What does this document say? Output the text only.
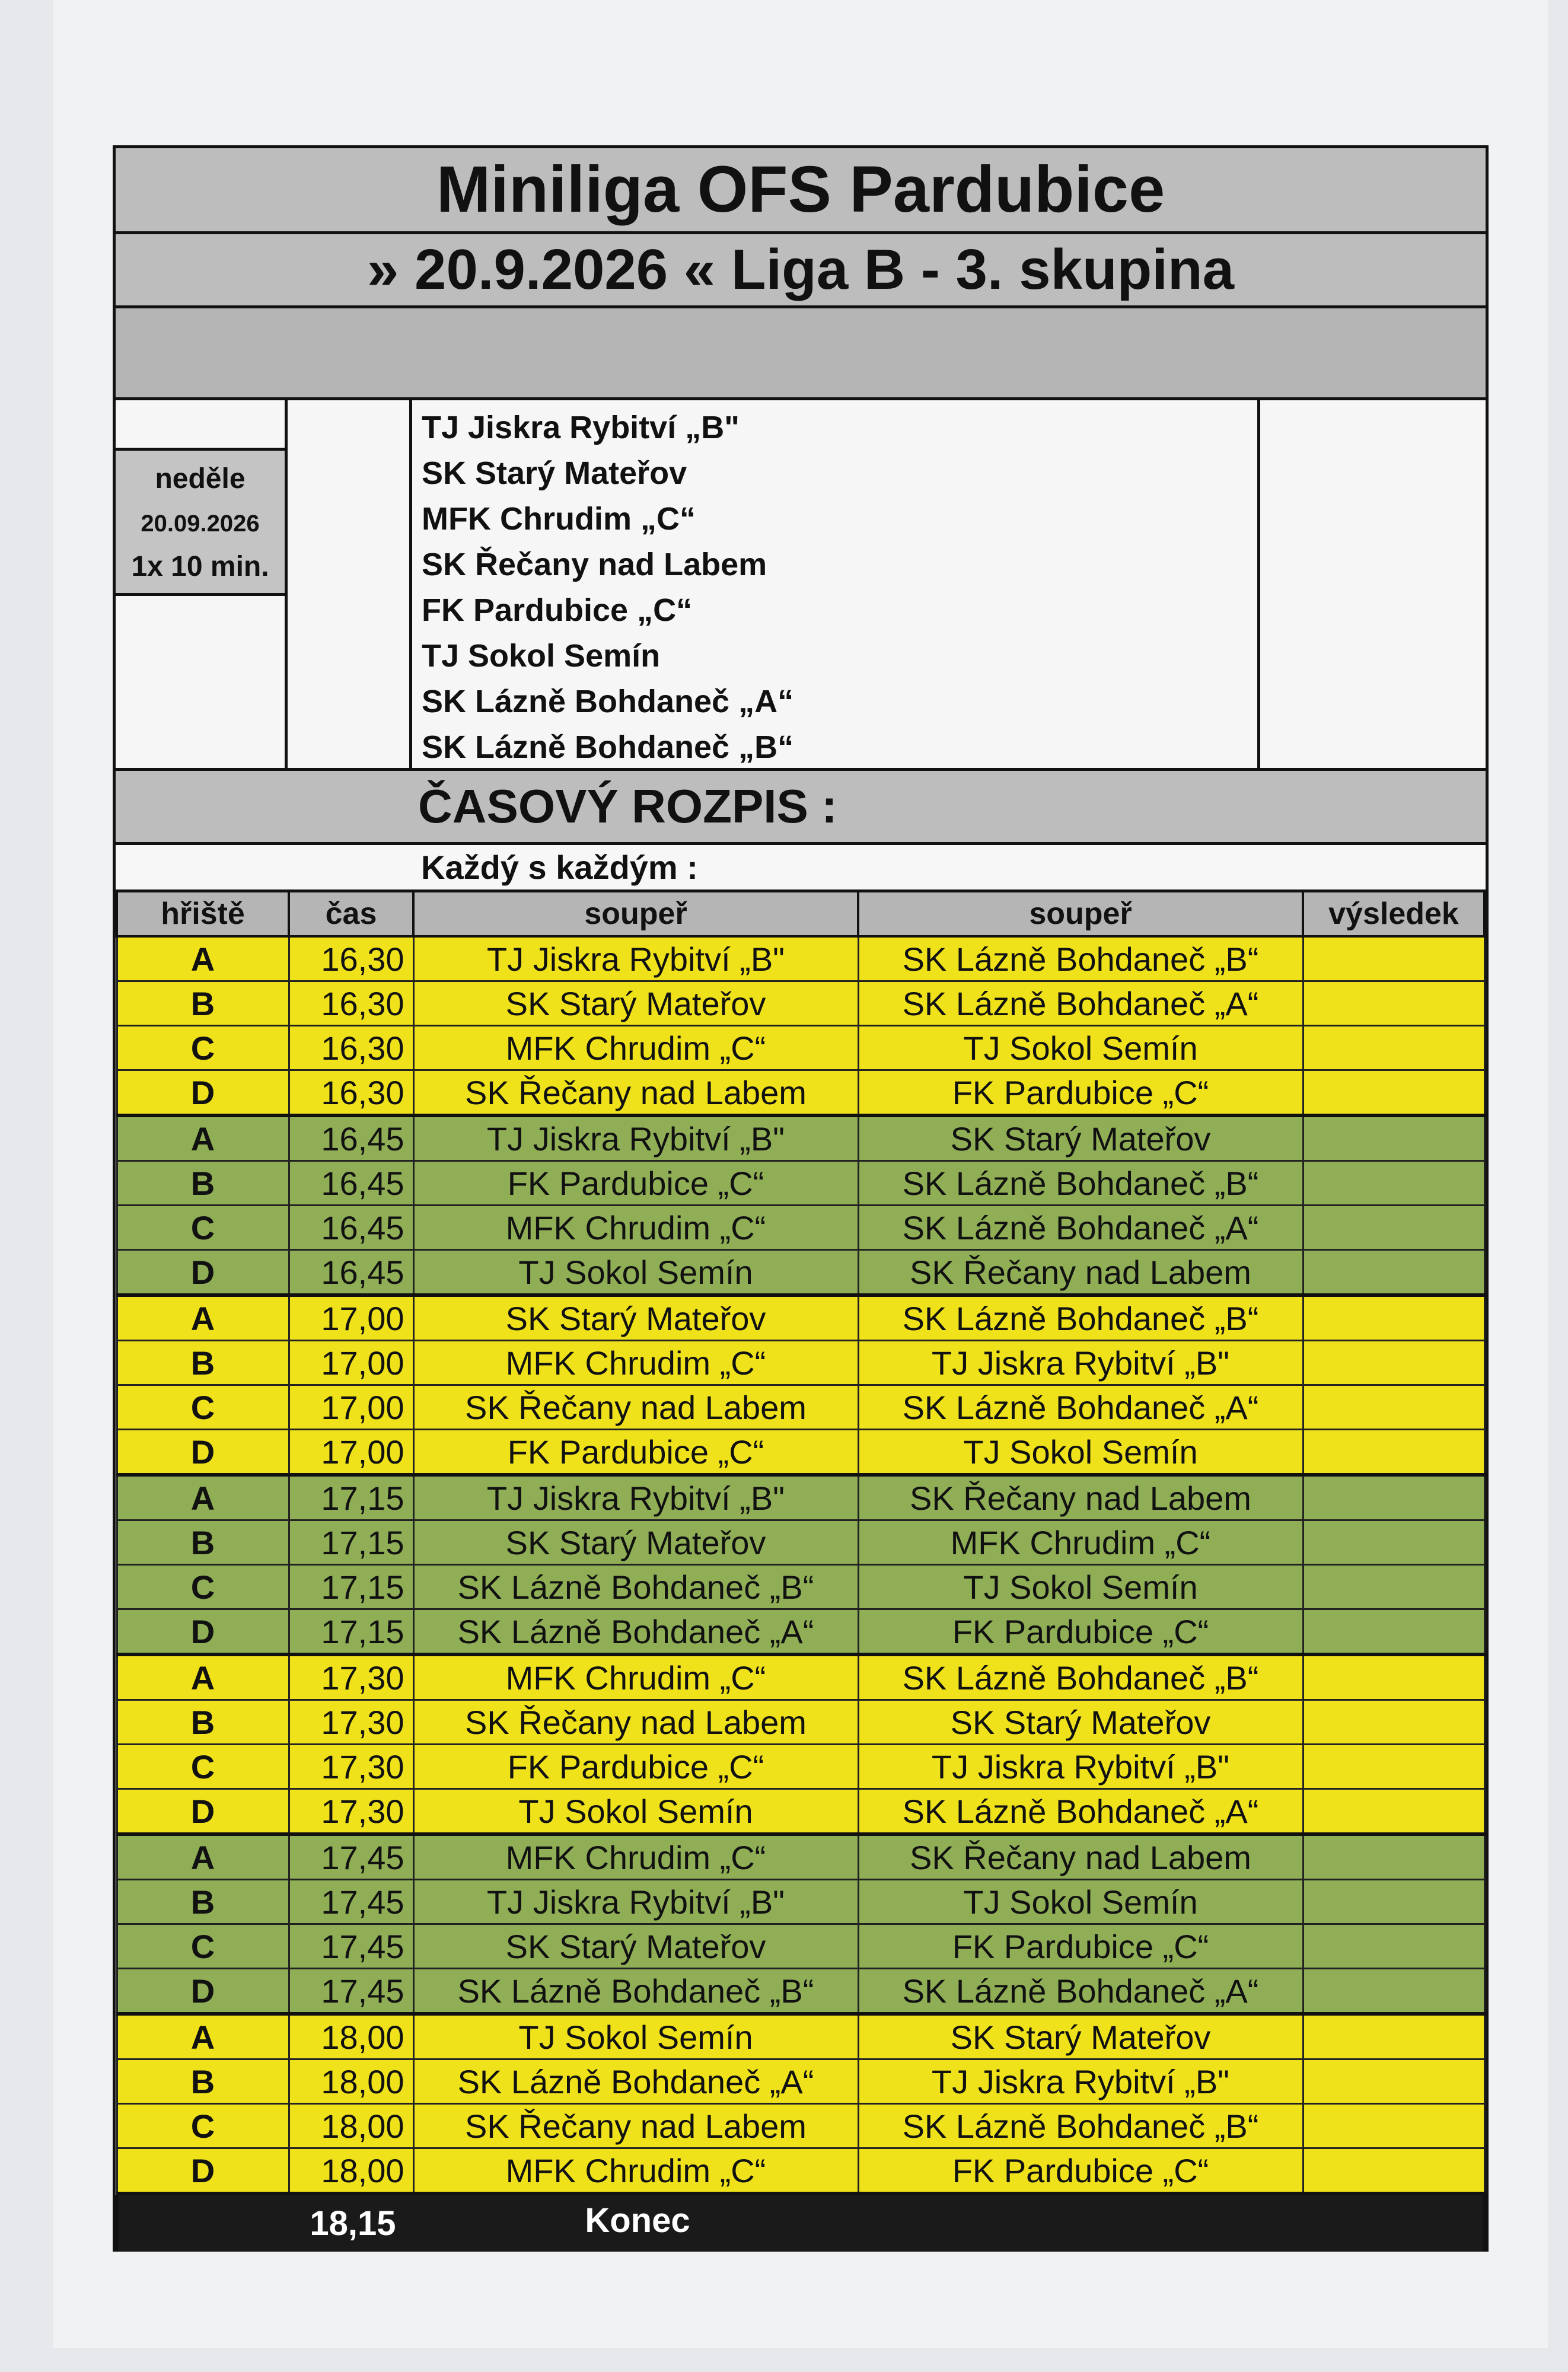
Miniliga OFS Pardubice
» 20.9.2026 « Liga B - 3. skupina
neděle
20.09.2026
1x 10 min.
TJ Jiskra Rybitví „B"
SK Starý Mateřov
MFK Chrudim „C“
SK Řečany nad Labem
FK Pardubice „C“
TJ Sokol Semín
SK Lázně Bohdaneč „A“
SK Lázně Bohdaneč „B“
ČASOVÝ ROZPIS :
Každý s každým :
hřiště	čas	soupeř	soupeř	výsledek
A	16,30	TJ Jiskra Rybitví „B"	SK Lázně Bohdaneč „B“	
B	16,30	SK Starý Mateřov	SK Lázně Bohdaneč „A“	
C	16,30	MFK Chrudim „C“	TJ Sokol Semín	
D	16,30	SK Řečany nad Labem	FK Pardubice „C“	
A	16,45	TJ Jiskra Rybitví „B"	SK Starý Mateřov	
B	16,45	FK Pardubice „C“	SK Lázně Bohdaneč „B“	
C	16,45	MFK Chrudim „C“	SK Lázně Bohdaneč „A“	
D	16,45	TJ Sokol Semín	SK Řečany nad Labem	
A	17,00	SK Starý Mateřov	SK Lázně Bohdaneč „B“	
B	17,00	MFK Chrudim „C“	TJ Jiskra Rybitví „B"	
C	17,00	SK Řečany nad Labem	SK Lázně Bohdaneč „A“	
D	17,00	FK Pardubice „C“	TJ Sokol Semín	
A	17,15	TJ Jiskra Rybitví „B"	SK Řečany nad Labem	
B	17,15	SK Starý Mateřov	MFK Chrudim „C“	
C	17,15	SK Lázně Bohdaneč „B“	TJ Sokol Semín	
D	17,15	SK Lázně Bohdaneč „A“	FK Pardubice „C“	
A	17,30	MFK Chrudim „C“	SK Lázně Bohdaneč „B“	
B	17,30	SK Řečany nad Labem	SK Starý Mateřov	
C	17,30	FK Pardubice „C“	TJ Jiskra Rybitví „B"	
D	17,30	TJ Sokol Semín	SK Lázně Bohdaneč „A“	
A	17,45	MFK Chrudim „C“	SK Řečany nad Labem	
B	17,45	TJ Jiskra Rybitví „B"	TJ Sokol Semín	
C	17,45	SK Starý Mateřov	FK Pardubice „C“	
D	17,45	SK Lázně Bohdaneč „B“	SK Lázně Bohdaneč „A“	
A	18,00	TJ Sokol Semín	SK Starý Mateřov	
B	18,00	SK Lázně Bohdaneč „A“	TJ Jiskra Rybitví „B"	
C	18,00	SK Řečany nad Labem	SK Lázně Bohdaneč „B“	
D	18,00	MFK Chrudim „C“	FK Pardubice „C“	
18,15	Konec
